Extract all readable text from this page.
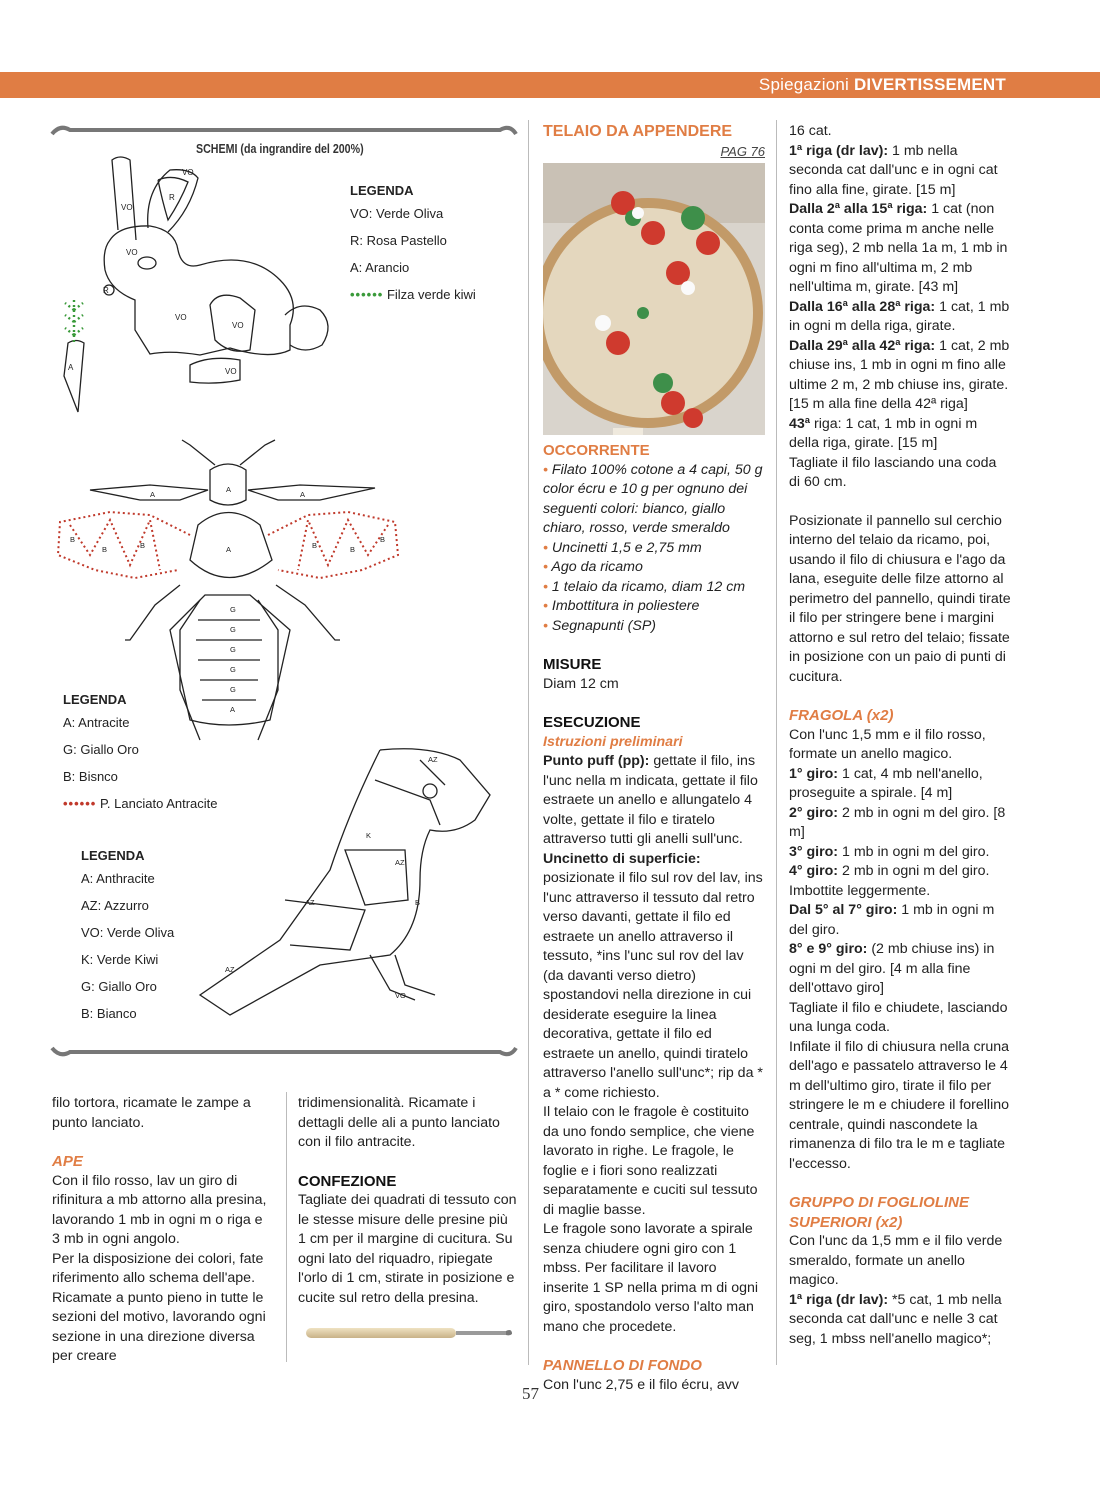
Spiegazioni DIVERTISSEMENT
SCHEMI (da ingrandire del 200%)
VO
R
VO
VO
R
VO
VO
VO
A
LEGENDA
VO: Verde Oliva
R: Rosa Pastello
A: Arancio
•••••• Filza verde kiwi
A
A
A	A
B
B	B
B
B
B
G
G
G
G
G
A
LEGENDA
A: Antracite
G: Giallo Oro
B: Bisnco
•••••• P. Lanciato Antracite
AZ
K
AZ
AZ	B
AZ
VO
LEGENDA
A: Anthracite
AZ: Azzurro
VO: Verde Oliva
K: Verde Kiwi
G: Giallo Oro
B: Bianco

filo tortora, ricamate le zampe a punto lanciato.

APE

Con il filo rosso, lav un giro di rifinitura a mb attorno alla presina, lavorando 1 mb in ogni m o riga e 3 mb in ogni angolo.

Per la disposizione dei colori, fate riferimento allo schema dell'ape.

Ricamate a punto pieno in tutte le sezioni del motivo, lavorando ogni sezione in una direzione diversa per creare

tridimensionalità. Ricamate i dettagli delle ali a punto lanciato con il filo antracite.

CONFEZIONE

Tagliate dei quadrati di tessuto con le stesse misure delle presine più 1 cm per il margine di cucitura. Su ogni lato del riquadro, ripiegate l'orlo di 1 cm, stirate in posizione e cucite sul retro della presina.

TELAIO DA APPENDERE

PAG 76

OCCORRENTE

• Filato 100% cotone a 4 capi, 50 g color écru e 10 g per ognuno dei seguenti colori: bianco, giallo chiaro, rosso, verde smeraldo

• Uncinetti 1,5 e 2,75 mm

• Ago da ricamo

• 1 telaio da ricamo, diam 12 cm

• Imbottitura in poliestere

• Segnapunti (SP)

MISURE

Diam 12 cm

ESECUZIONE

Istruzioni preliminari

Punto puff (pp): gettate il filo, ins l'unc nella m indicata, gettate il filo estraete un anello e allungatelo 4 volte, gettate il filo e tiratelo attraverso tutti gli anelli sull'unc.

Uncinetto di superficie: posizionate il filo sul rov del lav, ins l'unc attraverso il tessuto dal retro verso davanti, gettate il filo ed estraete un anello attraverso il tessuto, *ins l'unc sul rov del lav (da davanti verso dietro) spostandovi nella direzione in cui desiderate eseguire la linea decorativa, gettate il filo ed estraete un anello, quindi tiratelo attraverso l'anello sull'unc*; rip da * a * come richiesto.

Il telaio con le fragole è costituito da uno fondo semplice, che viene lavorato in righe. Le fragole, le foglie e i fiori sono realizzati separatamente e cuciti sul tessuto di maglie basse.

Le fragole sono lavorate a spirale senza chiudere ogni giro con 1 mbss. Per facilitare il lavoro inserite 1 SP nella prima m di ogni giro, spostandolo verso l'alto man mano che procedete.

PANNELLO DI FONDO

Con l'unc 2,75 e il filo écru, avv

16 cat.

1ª riga (dr lav): 1 mb nella seconda cat dall'unc e in ogni cat fino alla fine, girate. [15 m]

Dalla 2ª alla 15ª riga: 1 cat (non conta come prima m anche nelle riga seg), 2 mb nella 1a m, 1 mb in ogni m fino all'ultima m, 2 mb nell'ultima m, girate. [43 m]

Dalla 16ª alla 28ª riga: 1 cat, 1 mb in ogni m della riga, girate.

Dalla 29ª alla 42ª riga: 1 cat, 2 mb chiuse ins, 1 mb in ogni m fino alle ultime 2 m, 2 mb chiuse ins, girate. [15 m alla fine della 42ª riga]

43ª riga: 1 cat, 1 mb in ogni m della riga, girate. [15 m]

Tagliate il filo lasciando una coda di 60 cm.

Posizionate il pannello sul cerchio interno del telaio da ricamo, poi, usando il filo di chiusura e l'ago da lana, eseguite delle filze attorno al perimetro del pannello, quindi tirate il filo per stringere bene i margini attorno e sul retro del telaio; fissate in posizione con un paio di punti di cucitura.

FRAGOLA (x2)

Con l'unc 1,5 mm e il filo rosso, formate un anello magico.

1° giro: 1 cat, 4 mb nell'anello, proseguite a spirale. [4 m]

2° giro: 2 mb in ogni m del giro. [8 m]

3° giro: 1 mb in ogni m del giro.

4° giro: 2 mb in ogni m del giro.

Imbottite leggermente.

Dal 5° al 7° giro: 1 mb in ogni m del giro.

8° e 9° giro: (2 mb chiuse ins) in ogni m del giro. [4 m alla fine dell'ottavo giro]

Tagliate il filo e chiudete, lasciando una lunga coda.

Infilate il filo di chiusura nella cruna dell'ago e passatelo attraverso le 4 m dell'ultimo giro, tirate il filo per stringere le m e chiudere il forellino centrale, quindi nascondete la rimanenza di filo tra le m e tagliate l'eccesso.

GRUPPO DI FOGLIOLINE SUPERIORI (x2)

Con l'unc da 1,5 mm e il filo verde smeraldo, formate un anello magico.

1ª riga (dr lav): *5 cat, 1 mb nella seconda cat dall'unc e nelle 3 cat seg, 1 mbss nell'anello magico*;

57
